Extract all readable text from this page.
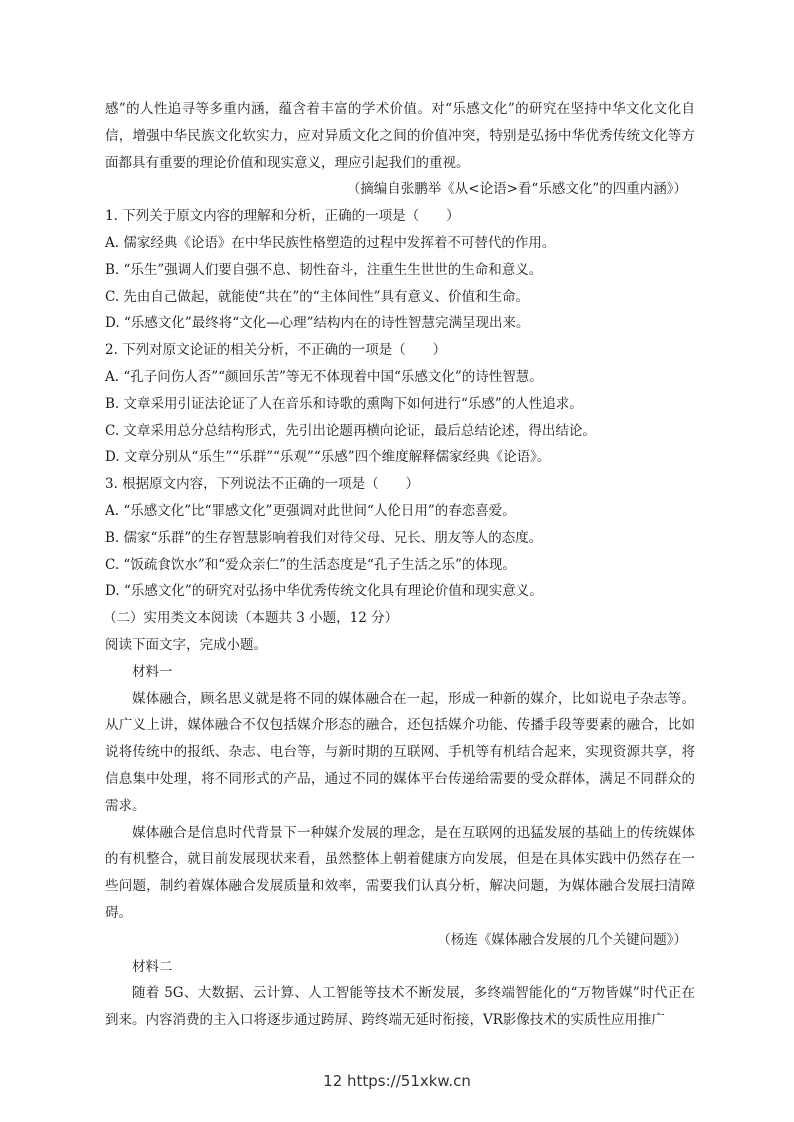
感”的人性追寻等多重内涵，蕴含着丰富的学术价值。对“乐感文化”的研究在坚持中华文化文化自信，增强中华民族文化软实力，应对异质文化之间的价值冲突，特别是弘扬中华优秀传统文化等方面都具有重要的理论价值和现实意义，理应引起我们的重视。
（摘编自张鹏举《从<论语>看“乐感文化”的四重内涵》）
1. 下列关于原文内容的理解和分析，正确的一项是（　　）
A. 儒家经典《论语》在中华民族性格塑造的过程中发挥着不可替代的作用。
B. “乐生”强调人们要自强不息、韧性奋斗，注重生生世世的生命和意义。
C. 先由自己做起，就能使“共在”的“主体间性”具有意义、价值和生命。
D. “乐感文化”最终将“文化—心理”结构内在的诗性智慧完满呈现出来。
2. 下列对原文论证的相关分析，不正确的一项是（　　）
A. “孔子问伤人否”“颜回乐苦”等无不体现着中国“乐感文化”的诗性智慧。
B. 文章采用引证法论证了人在音乐和诗歌的熏陶下如何进行“乐感”的人性追求。
C. 文章采用总分总结构形式，先引出论题再横向论证，最后总结论述，得出结论。
D. 文章分别从“乐生”“乐群”“乐观”“乐感”四个维度解释儒家经典《论语》。
3. 根据原文内容，下列说法不正确的一项是（　　）
A. “乐感文化”比“罪感文化”更强调对此世间“人伦日用”的春恋喜爱。
B. 儒家“乐群”的生存智慧影响着我们对待父母、兄长、朋友等人的态度。
C. “饭疏食饮水”和“爱众亲仁”的生活态度是“孔子生活之乐”的体现。
D. “乐感文化”的研究对弘扬中华优秀传统文化具有理论价值和现实意义。
（二）实用类文本阅读（本题共 3 小题，12 分）
阅读下面文字，完成小题。
材料一
媒体融合，顾名思义就是将不同的媒体融合在一起，形成一种新的媒介，比如说电子杂志等。从广义上讲，媒体融合不仅包括媒介形态的融合，还包括媒介功能、传播手段等要素的融合，比如说将传统中的报纸、杂志、电台等，与新时期的互联网、手机等有机结合起来，实现资源共享，将信息集中处理，将不同形式的产品，通过不同的媒体平台传递给需要的受众群体，满足不同群众的需求。
媒体融合是信息时代背景下一种媒介发展的理念，是在互联网的迅猛发展的基础上的传统媒体的有机整合，就目前发展现状来看，虽然整体上朝着健康方向发展，但是在具体实践中仍然存在一些问题，制约着媒体融合发展质量和效率，需要我们认真分析，解决问题，为媒体融合发展扫清障碍。
（杨连《媒体融合发展的几个关键问题》）
材料二
随着 5G、大数据、云计算、人工智能等技术不断发展，多终端智能化的“万物皆媒”时代正在到来。内容消费的主入口将逐步通过跨屏、跨终端无延时衔接，VR影像技术的实质性应用推广
12 https://51xkw.cn
